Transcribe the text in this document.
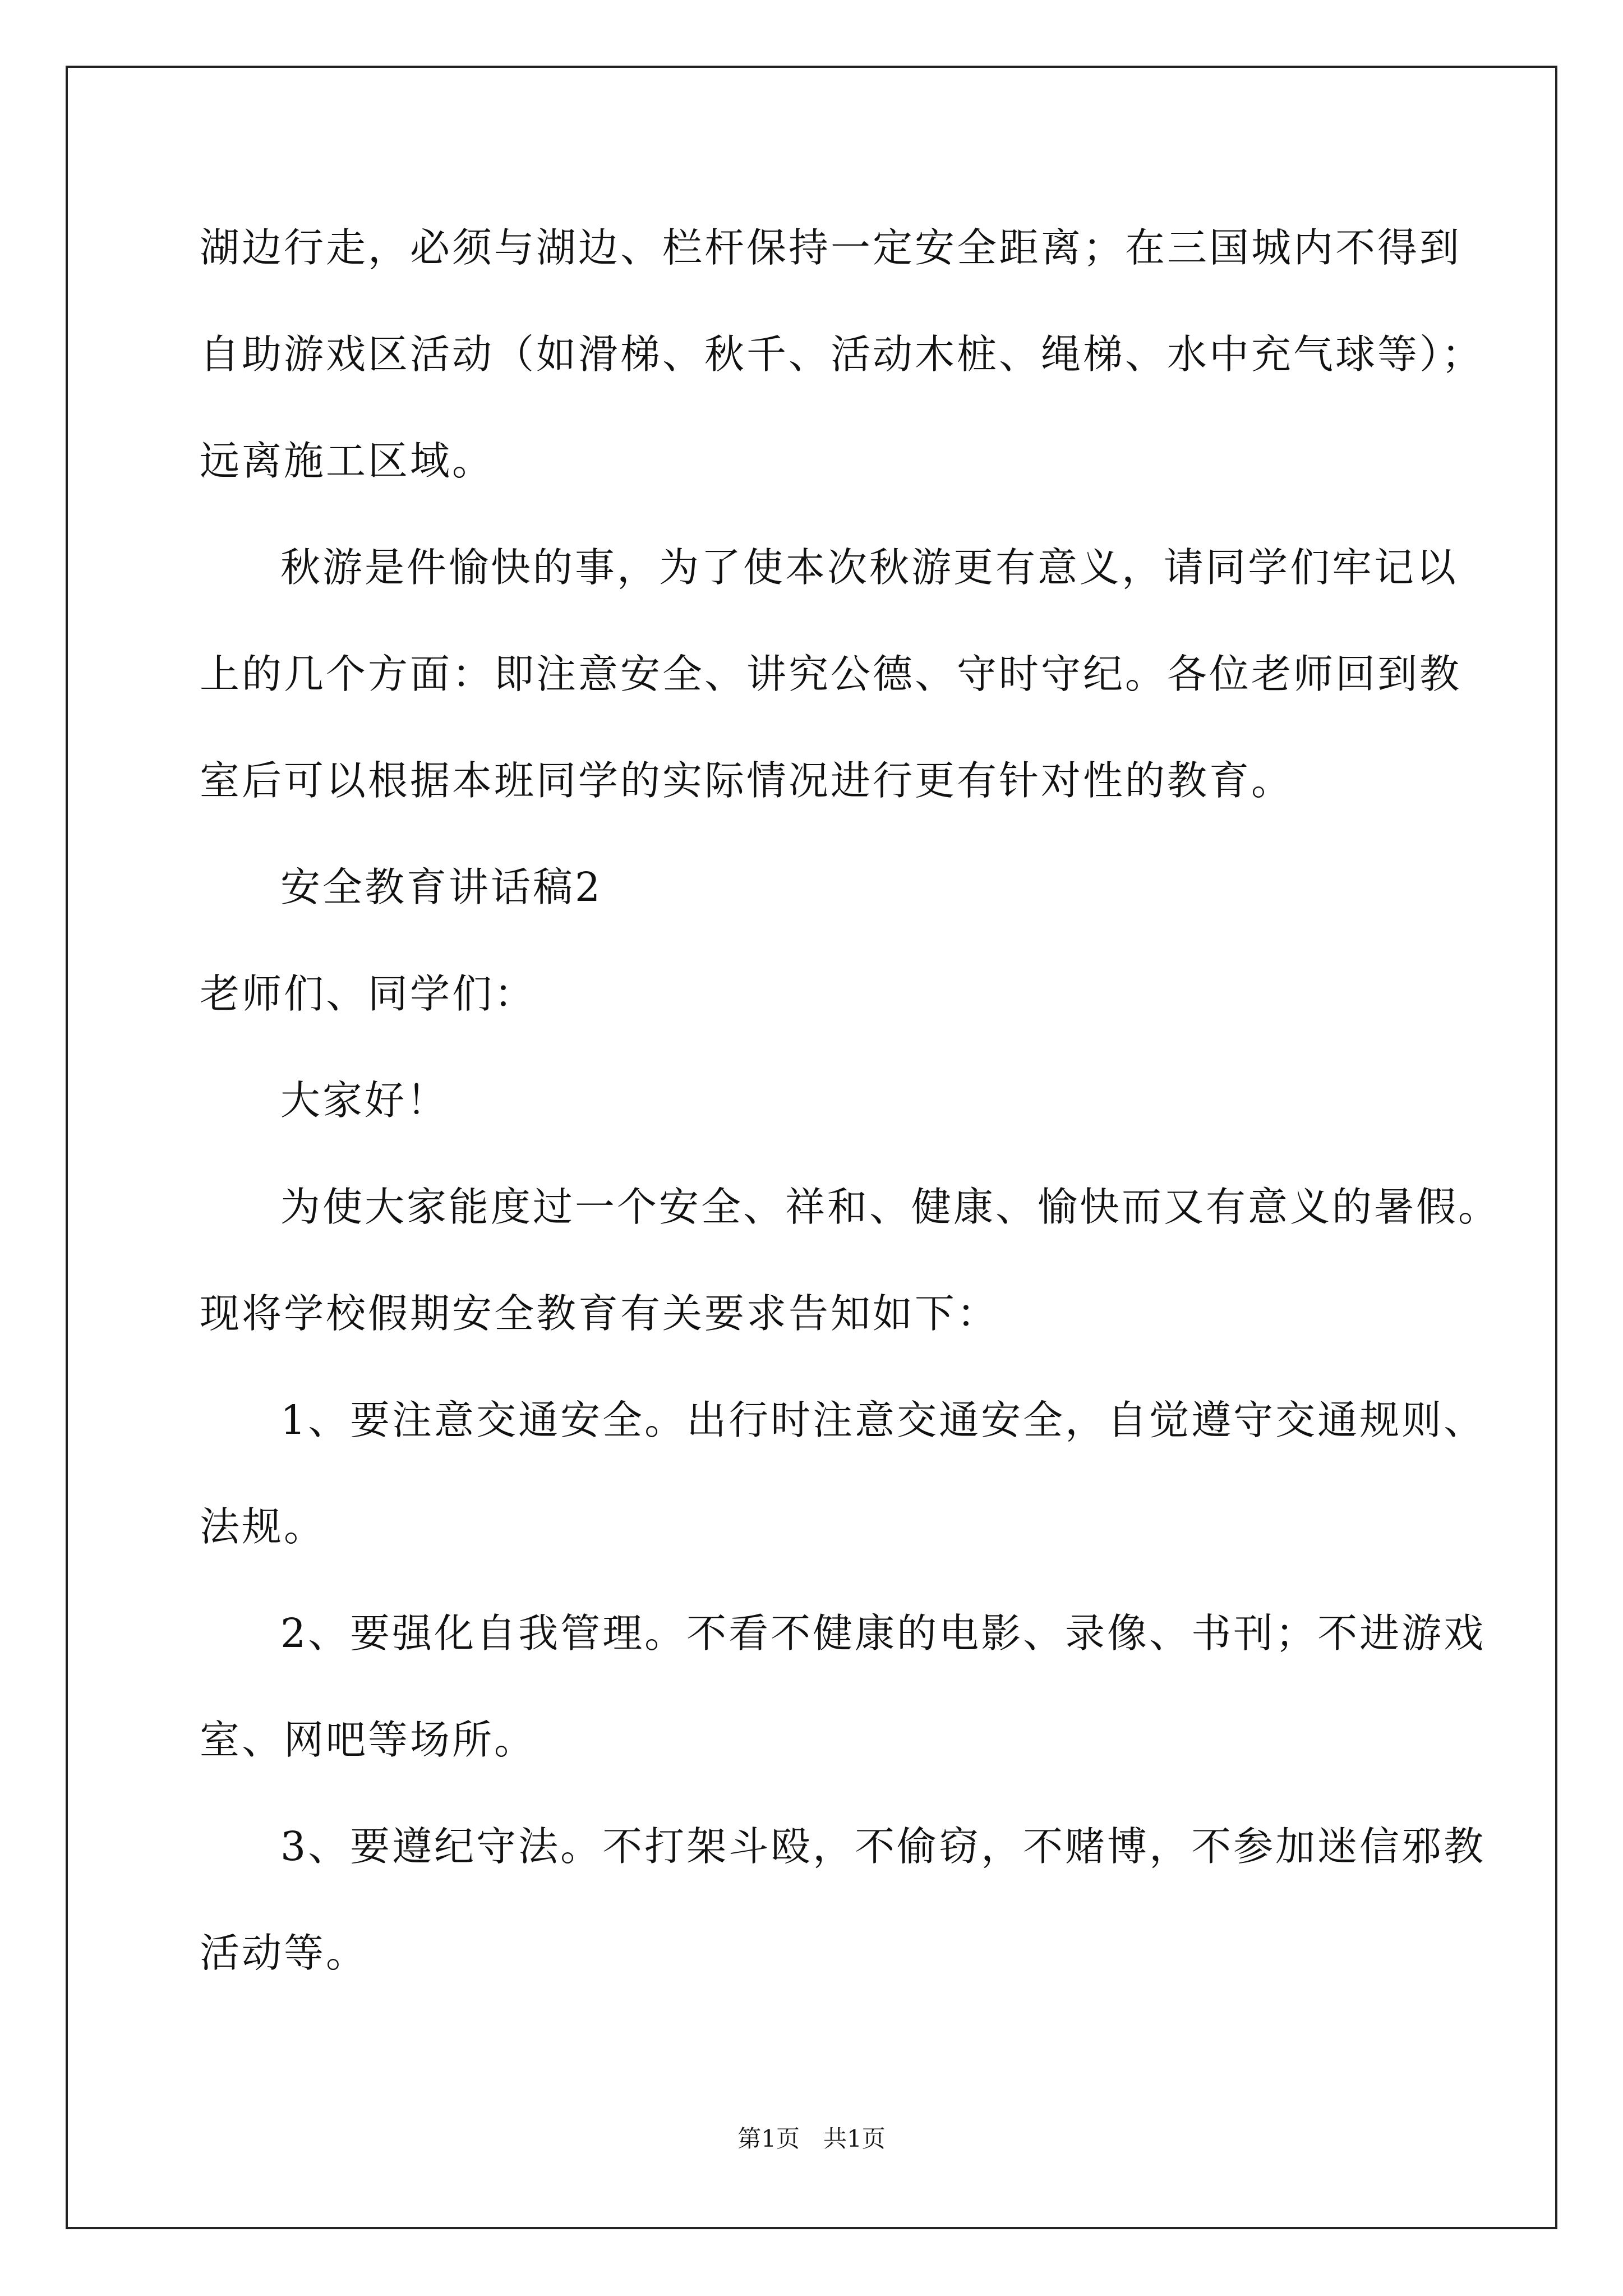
湖边行走，必须与湖边、栏杆保持一定安全距离；在三国城内不得到
自助游戏区活动（如滑梯、秋千、活动木桩、绳梯、水中充气球等）；
远离施工区域。
秋游是件愉快的事，为了使本次秋游更有意义，请同学们牢记以
上的几个方面：即注意安全、讲究公德、守时守纪。各位老师回到教
室后可以根据本班同学的实际情况进行更有针对性的教育。
安全教育讲话稿2
老师们、同学们：
大家好！
为使大家能度过一个安全、祥和、健康、愉快而又有意义的暑假。
现将学校假期安全教育有关要求告知如下：
1、要注意交通安全。出行时注意交通安全，自觉遵守交通规则、
法规。
2、要强化自我管理。不看不健康的电影、录像、书刊；不进游戏
室、网吧等场所。
3、要遵纪守法。不打架斗殴，不偷窃，不赌博，不参加迷信邪教
活动等。
第1页　共1页
